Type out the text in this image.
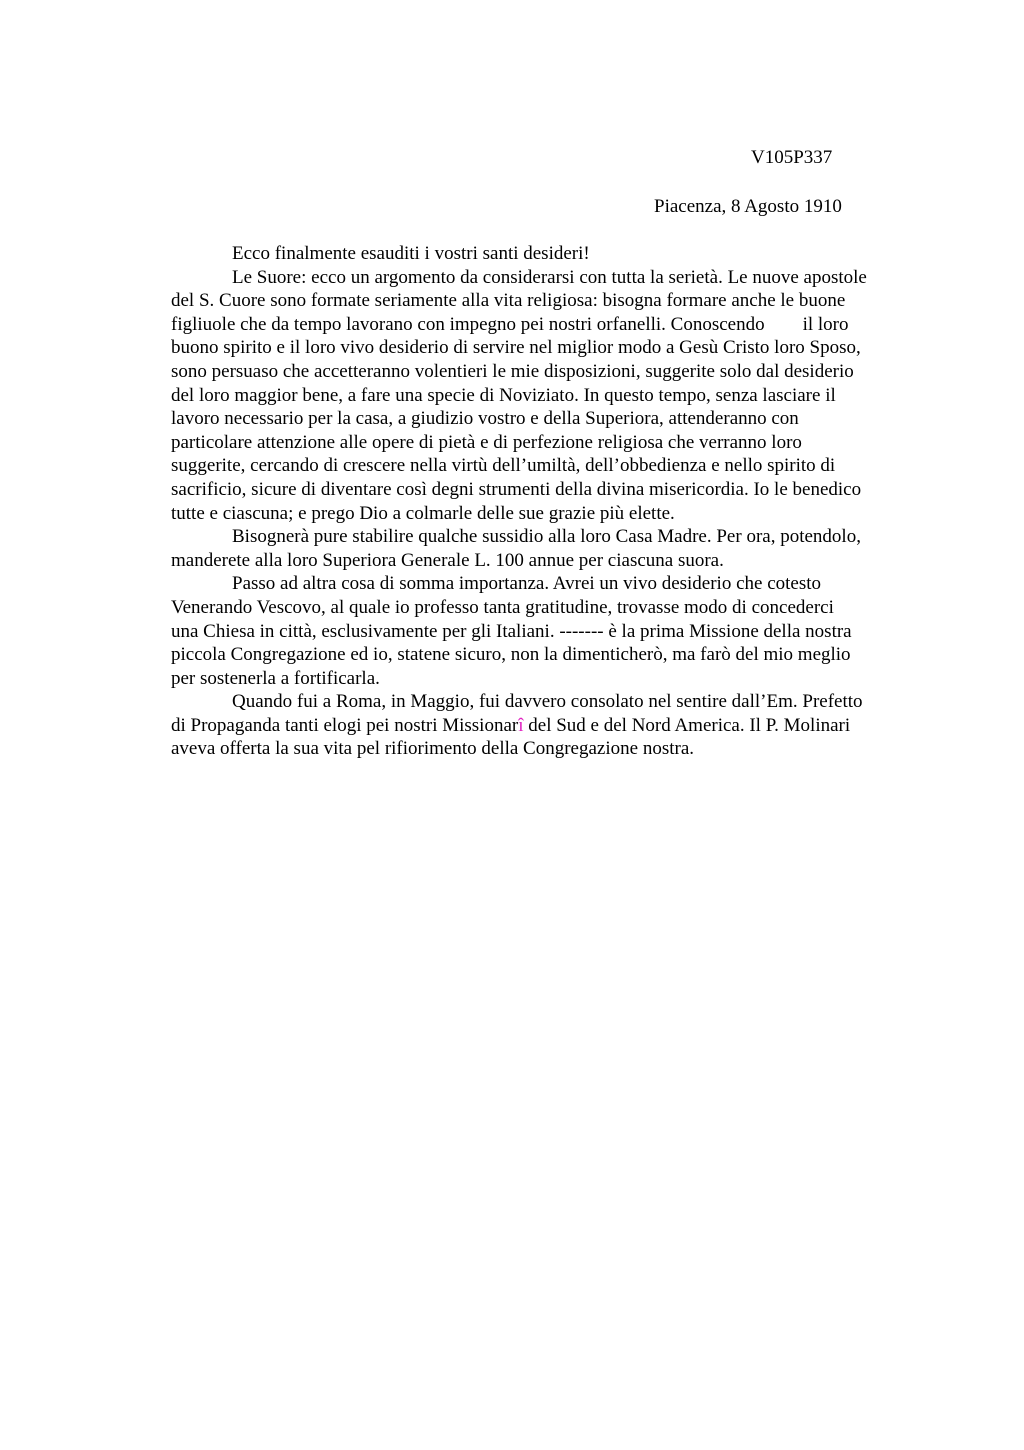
V105P337
Piacenza, 8 Agosto 1910
Ecco finalmente esauditi i vostri santi desideri!
Le Suore: ecco un argomento da considerarsi con tutta la serietà. Le nuove apostole
del S. Cuore sono formate seriamente alla vita religiosa: bisogna formare anche le buone
figliuole che da tempo lavorano con impegno pei nostri orfanelli. Conoscendo        il loro
buono spirito e il loro vivo desiderio di servire nel miglior modo a Gesù Cristo loro Sposo,
sono persuaso che accetteranno volentieri le mie disposizioni, suggerite solo dal desiderio
del loro maggior bene, a fare una specie di Noviziato. In questo tempo, senza lasciare il
lavoro necessario per la casa, a giudizio vostro e della Superiora, attenderanno con
particolare attenzione alle opere di pietà e di perfezione religiosa che verranno loro
suggerite, cercando di crescere nella virtù dell’umiltà, dell’obbedienza e nello spirito di
sacrificio, sicure di diventare così degni strumenti della divina misericordia. Io le benedico
tutte e ciascuna; e prego Dio a colmarle delle sue grazie più elette.
Bisognerà pure stabilire qualche sussidio alla loro Casa Madre. Per ora, potendolo,
manderete alla loro Superiora Generale L. 100 annue per ciascuna suora.
Passo ad altra cosa di somma importanza. Avrei un vivo desiderio che cotesto
Venerando Vescovo, al quale io professo tanta gratitudine, trovasse modo di concederci
una Chiesa in città, esclusivamente per gli Italiani. ------- è la prima Missione della nostra
piccola Congregazione ed io, statene sicuro, non la dimenticherò, ma farò del mio meglio
per sostenerla a fortificarla.
Quando fui a Roma, in Maggio, fui davvero consolato nel sentire dall’Em. Prefetto
di Propaganda tanti elogi pei nostri Missionarî del Sud e del Nord America. Il P. Molinari
aveva offerta la sua vita pel rifiorimento della Congregazione nostra.
